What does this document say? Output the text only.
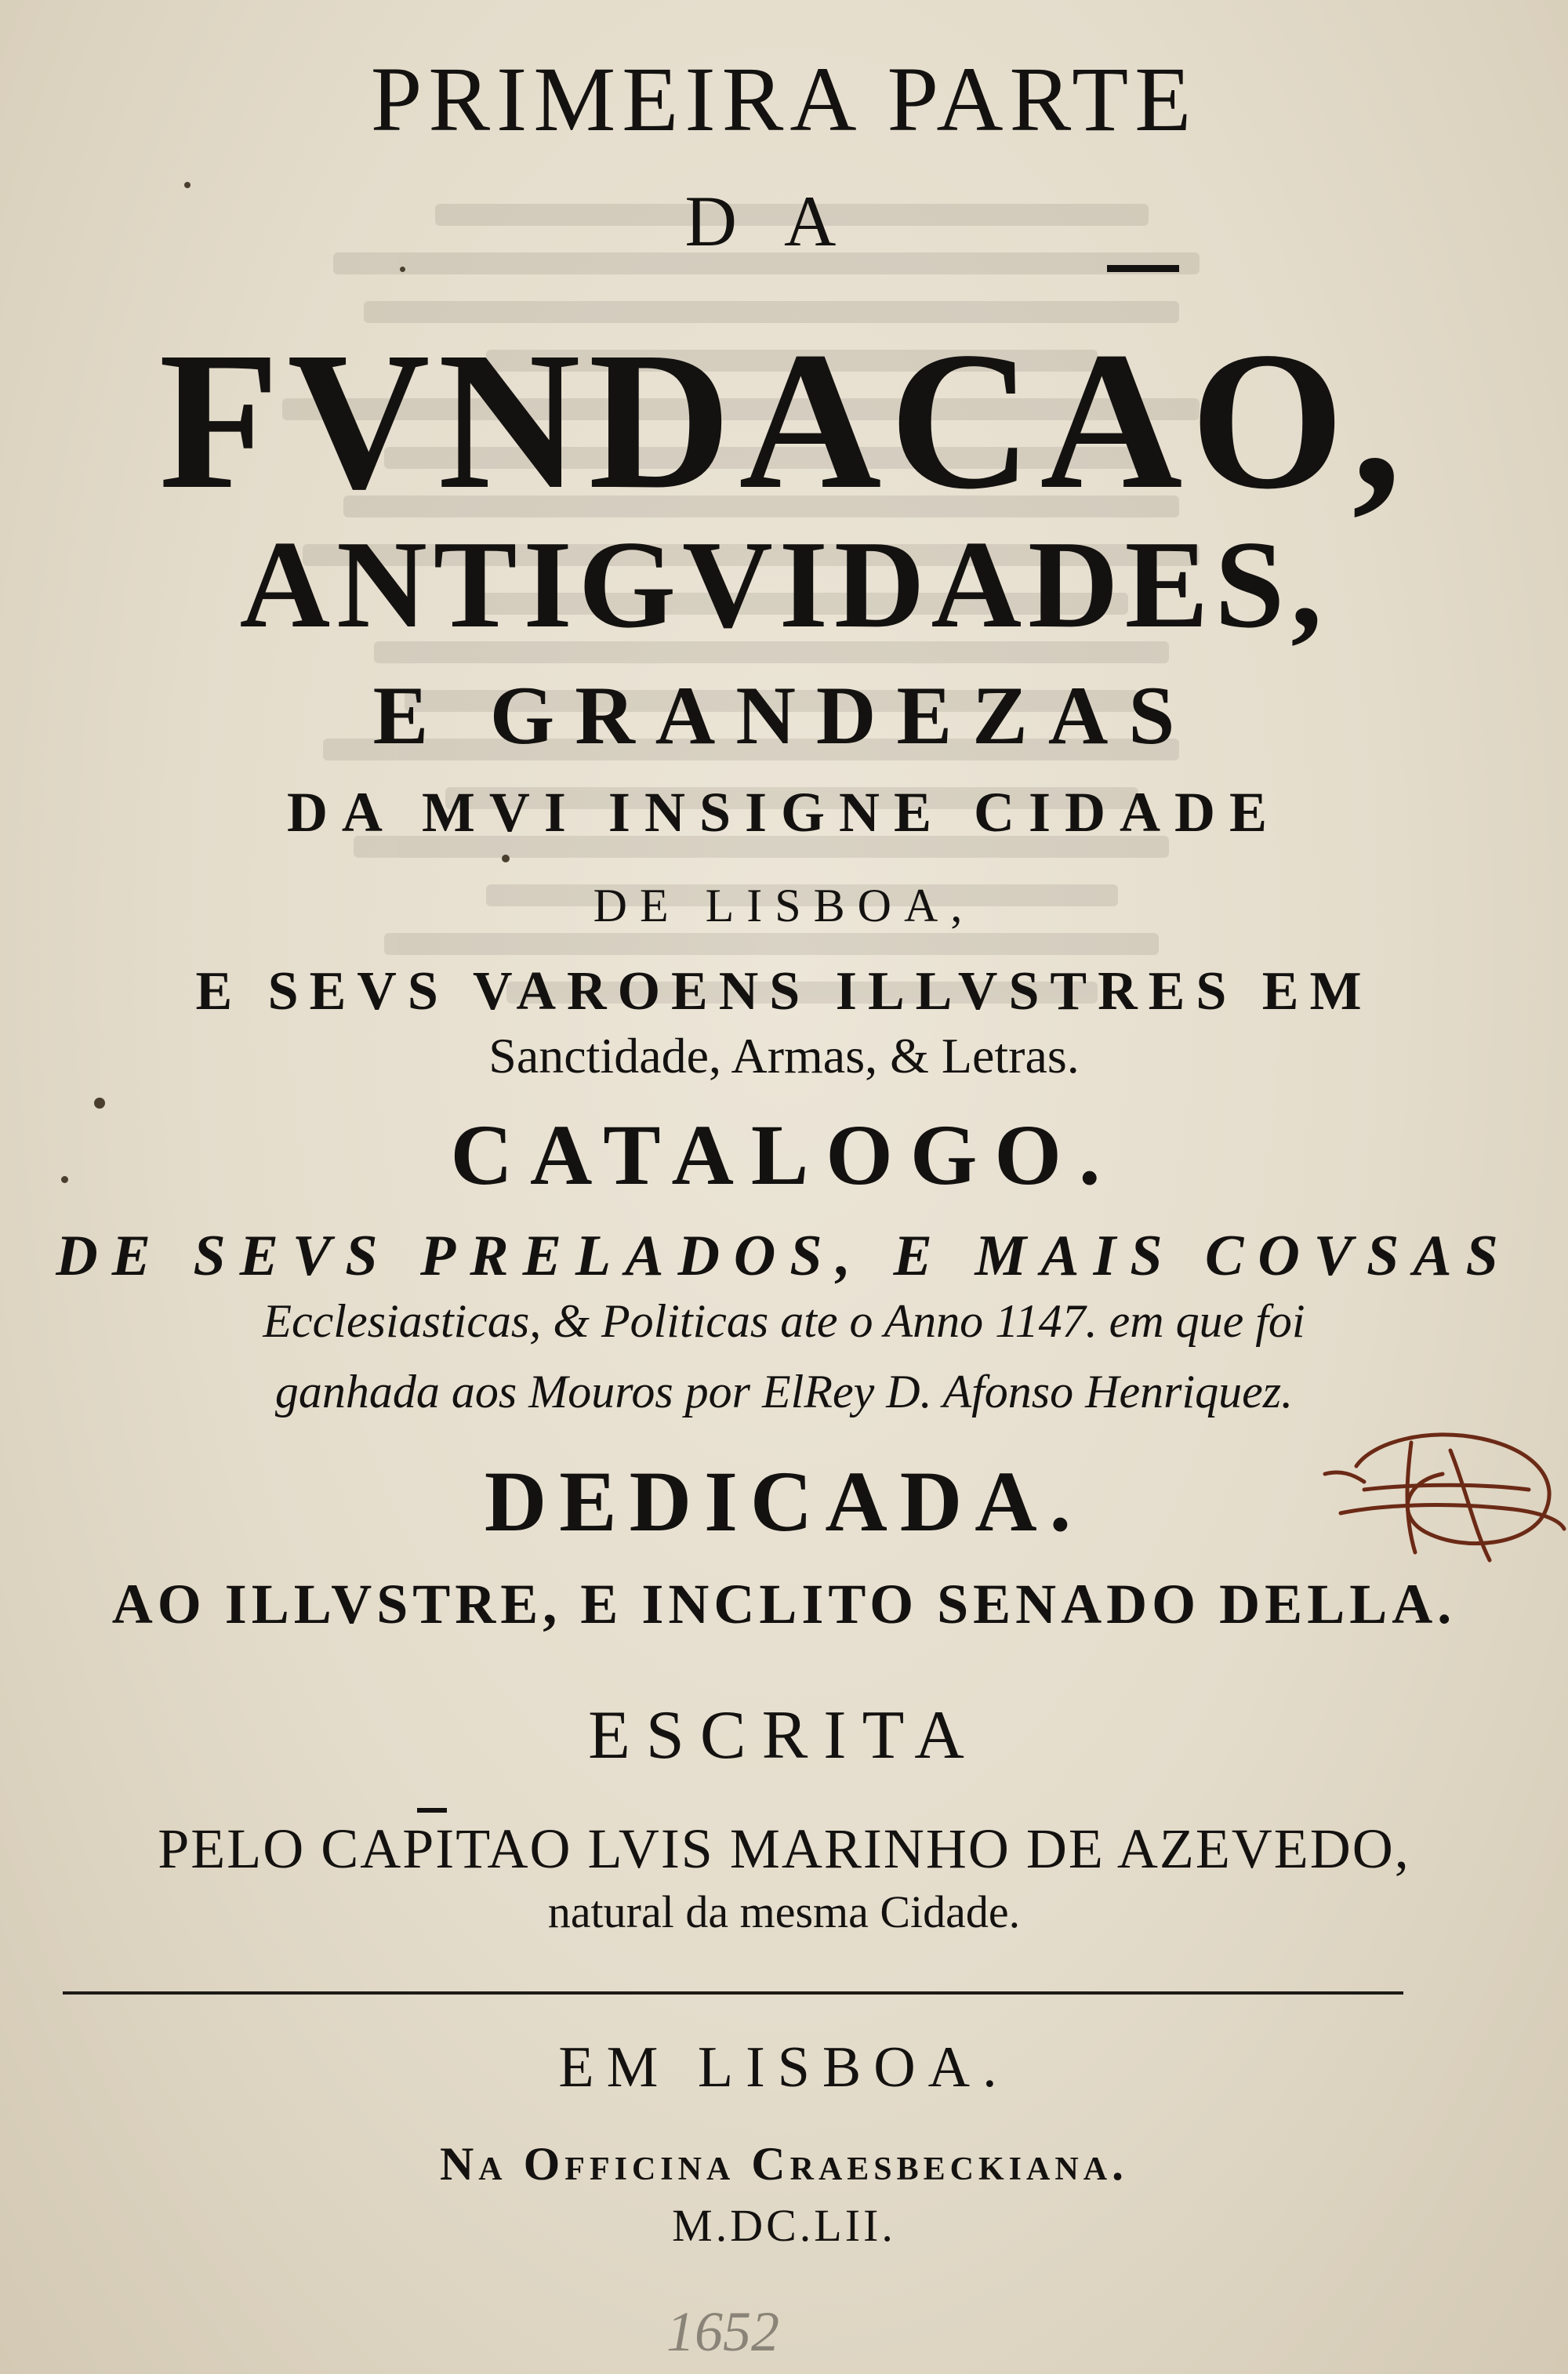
PRIMEIRA PARTE
DA
FVNDACAO,
ANTIGVIDADES,
E GRANDEZAS
DA MVI INSIGNE CIDADE
DE LISBOA,
E SEVS VAROENS ILLVSTRES EM
Sanctidade, Armas, & Letras.
CATALOGO.
DE SEVS PRELADOS, E MAIS COVSAS
Ecclesiasticas, & Politicas ate o Anno 1147. em que foi
ganhada aos Mouros por ElRey D. Afonso Henriquez.
DEDICADA.
AO ILLVSTRE, E INCLITO SENADO DELLA.
ESCRITA
PELO CAPITAO LVIS MARINHO DE AZEVEDO,
natural da mesma Cidade.
EM LISBOA.
Na Officina Craesbeckiana.
M.DC.LII.
1652
